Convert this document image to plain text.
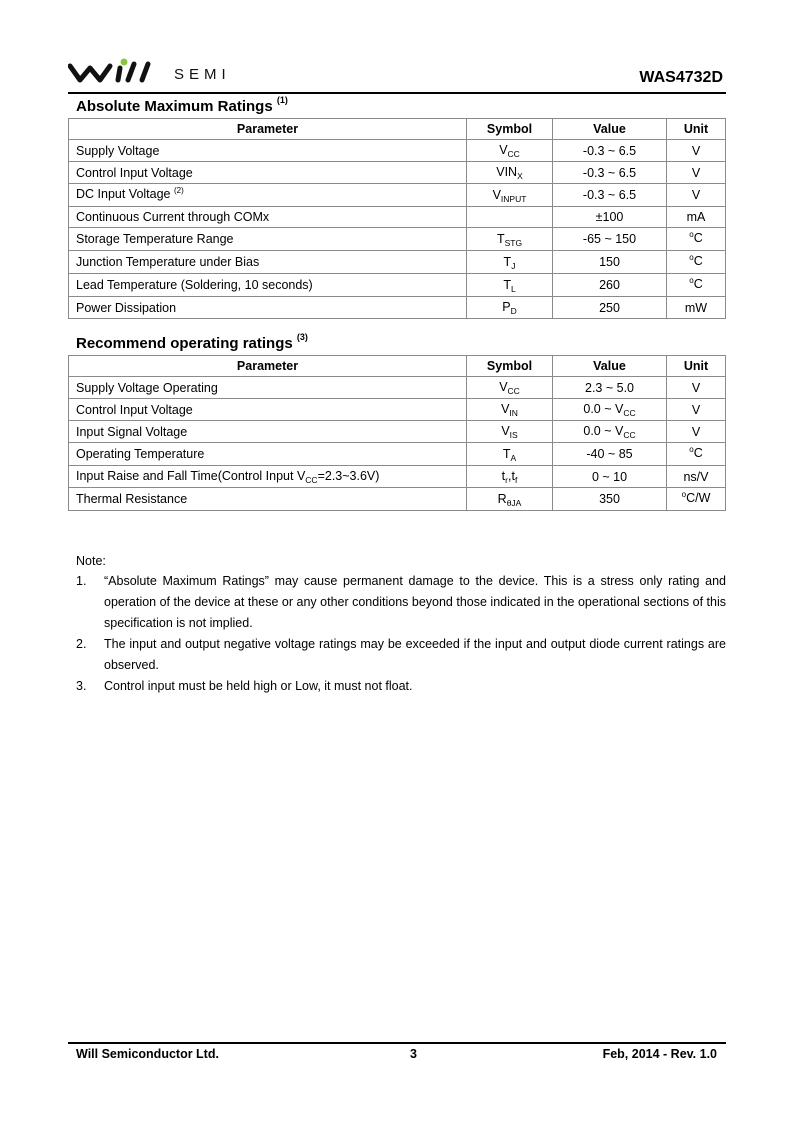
SEMI	WAS4732D
Absolute Maximum Ratings $^{(1)}$
Parameter	Symbol	Value	Unit
Supply Voltage	$V_{CC}$	-0.3 ~ 6.5	V
Control Input Voltage	$VIN_X$	-0.3 ~ 6.5	V
DC Input Voltage $^{(2)}$	$V_{INPUT}$	-0.3 ~ 6.5	V
Continuous Current through COMx		±100	mA
Storage Temperature Range	$T_{STG}$	-65 ~ 150	$^o$C
Junction Temperature under Bias	$T_J$	150	$^o$C
Lead Temperature (Soldering, 10 seconds)	$T_L$	260	$^o$C
Power Dissipation	$P_D$	250	mW
Recommend operating ratings $^{(3)}$
Parameter	Symbol	Value	Unit
Supply Voltage Operating	$V_{CC}$	2.3 ~ 5.0	V
Control Input Voltage	$V_{IN}$	0.0 ~ $V_{CC}$	V
Input Signal Voltage	$V_{IS}$	0.0 ~ $V_{CC}$	V
Operating Temperature	$T_A$	-40 ~ 85	$^o$C
Input Raise and Fall Time(Control Input $V_{CC}=2.3\sim 3.6V$)	$t_r,t_f$	0 ~ 10	ns/V
Thermal Resistance	$R_{\theta JA}$	350	$^o$C/W
Note:
1. “Absolute Maximum Ratings” may cause permanent damage to the device. This is a stress only rating and operation of the device at these or any other conditions beyond those indicated in the operational sections of this specification is not implied.
2. The input and output negative voltage ratings may be exceeded if the input and output diode current ratings are observed.
3. Control input must be held high or Low, it must not float.
Will Semiconductor Ltd.	3	Feb, 2014 - Rev. 1.0
